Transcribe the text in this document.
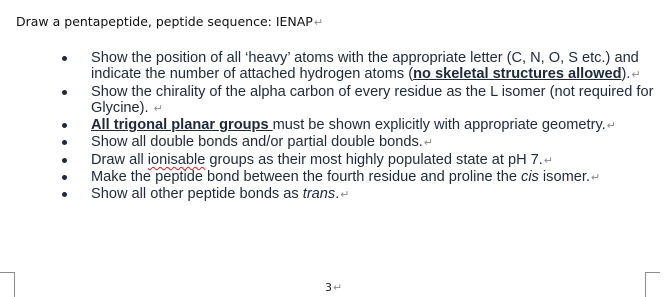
Draw a pentapeptide, peptide sequence: IENAP↵
Show the position of all ‘heavy’ atoms with the appropriate letter (C, N, O, S etc.) and indicate the number of attached hydrogen atoms (no skeletal structures allowed).↵
Show the chirality of the alpha carbon of every residue as the L isomer (not required for Glycine). ↵
All trigonal planar groups must be shown explicitly with appropriate geometry.↵
Show all double bonds and/or partial double bonds.↵
Draw all ionisable groups as their most highly populated state at pH 7.↵
Make the peptide bond between the fourth residue and proline the cis isomer.↵
Show all other peptide bonds as trans.↵
3↵
